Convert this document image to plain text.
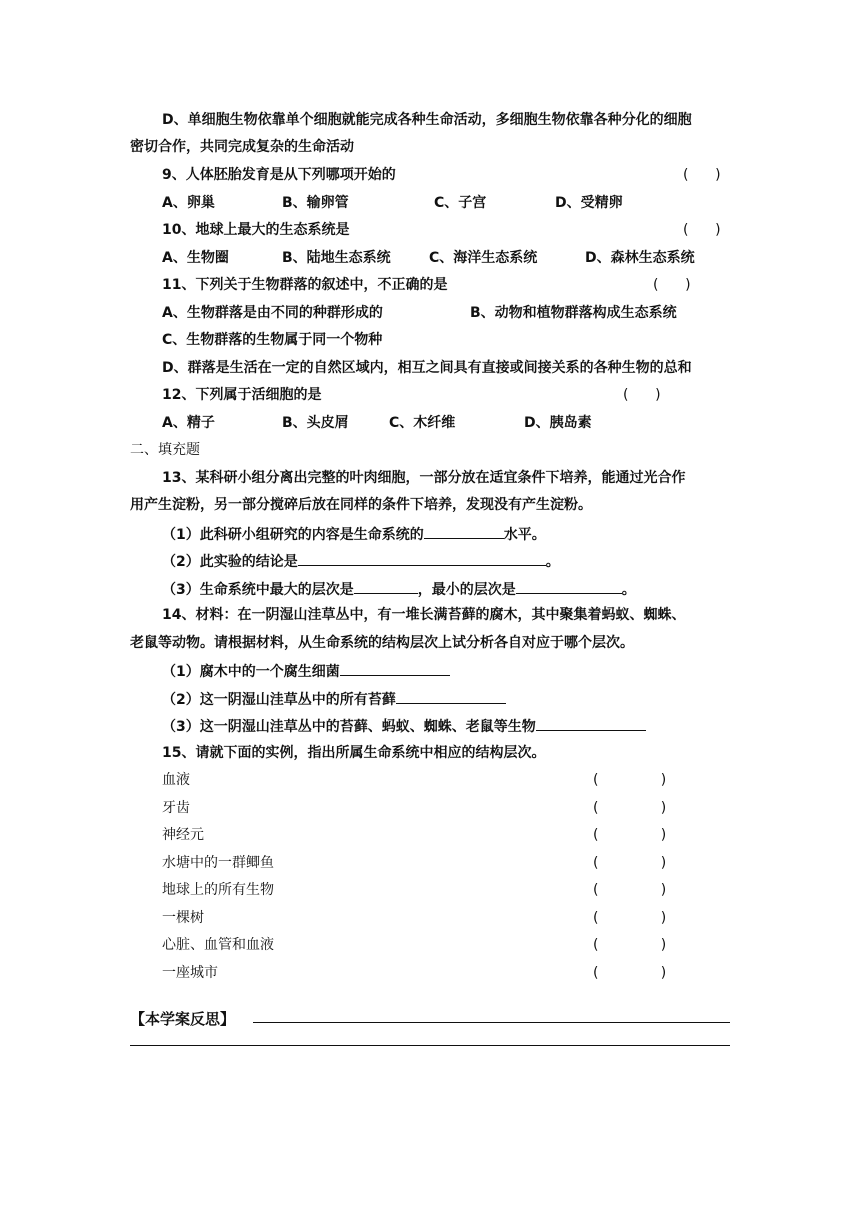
D、单细胞生物依靠单个细胞就能完成各种生命活动，多细胞生物依靠各种分化的细胞
密切合作，共同完成复杂的生命活动
9、人体胚胎发育是从下列哪项开始的	(      )
A、卵巢	B、输卵管	C、子宫	D、受精卵
10、地球上最大的生态系统是	(      )
A、生物圈	B、陆地生态系统	C、海洋生态系统	D、森林生态系统
11、下列关于生物群落的叙述中，不正确的是	(      )
A、生物群落是由不同的种群形成的	B、动物和植物群落构成生态系统
C、生物群落的生物属于同一个物种
D、群落是生活在一定的自然区域内，相互之间具有直接或间接关系的各种生物的总和
12、下列属于活细胞的是	(      )
A、精子	B、头皮屑	C、木纤维	D、胰岛素
二、填充题
13、某科研小组分离出完整的叶肉细胞，一部分放在适宜条件下培养，能通过光合作
用产生淀粉，另一部分搅碎后放在同样的条件下培养，发现没有产生淀粉。
（1）此科研小组研究的内容是生命系统的	水平。
（2）此实验的结论是	。
（3）生命系统中最大的层次是	，最小的层次是	。
14、材料：在一阴湿山洼草丛中，有一堆长满苔藓的腐木，其中聚集着蚂蚁、蜘蛛、
老鼠等动物。请根据材料，从生命系统的结构层次上试分析各自对应于哪个层次。
（1）腐木中的一个腐生细菌
（2）这一阴湿山洼草丛中的所有苔藓
（3）这一阴湿山洼草丛中的苔藓、蚂蚁、蜘蛛、老鼠等生物
15、请就下面的实例，指出所属生命系统中相应的结构层次。
血液	(              )
牙齿	(              )
神经元	(              )
水塘中的一群鲫鱼	(              )
地球上的所有生物	(              )
一棵树	(              )
心脏、血管和血液	(              )
一座城市	(              )
【本学案反思】
